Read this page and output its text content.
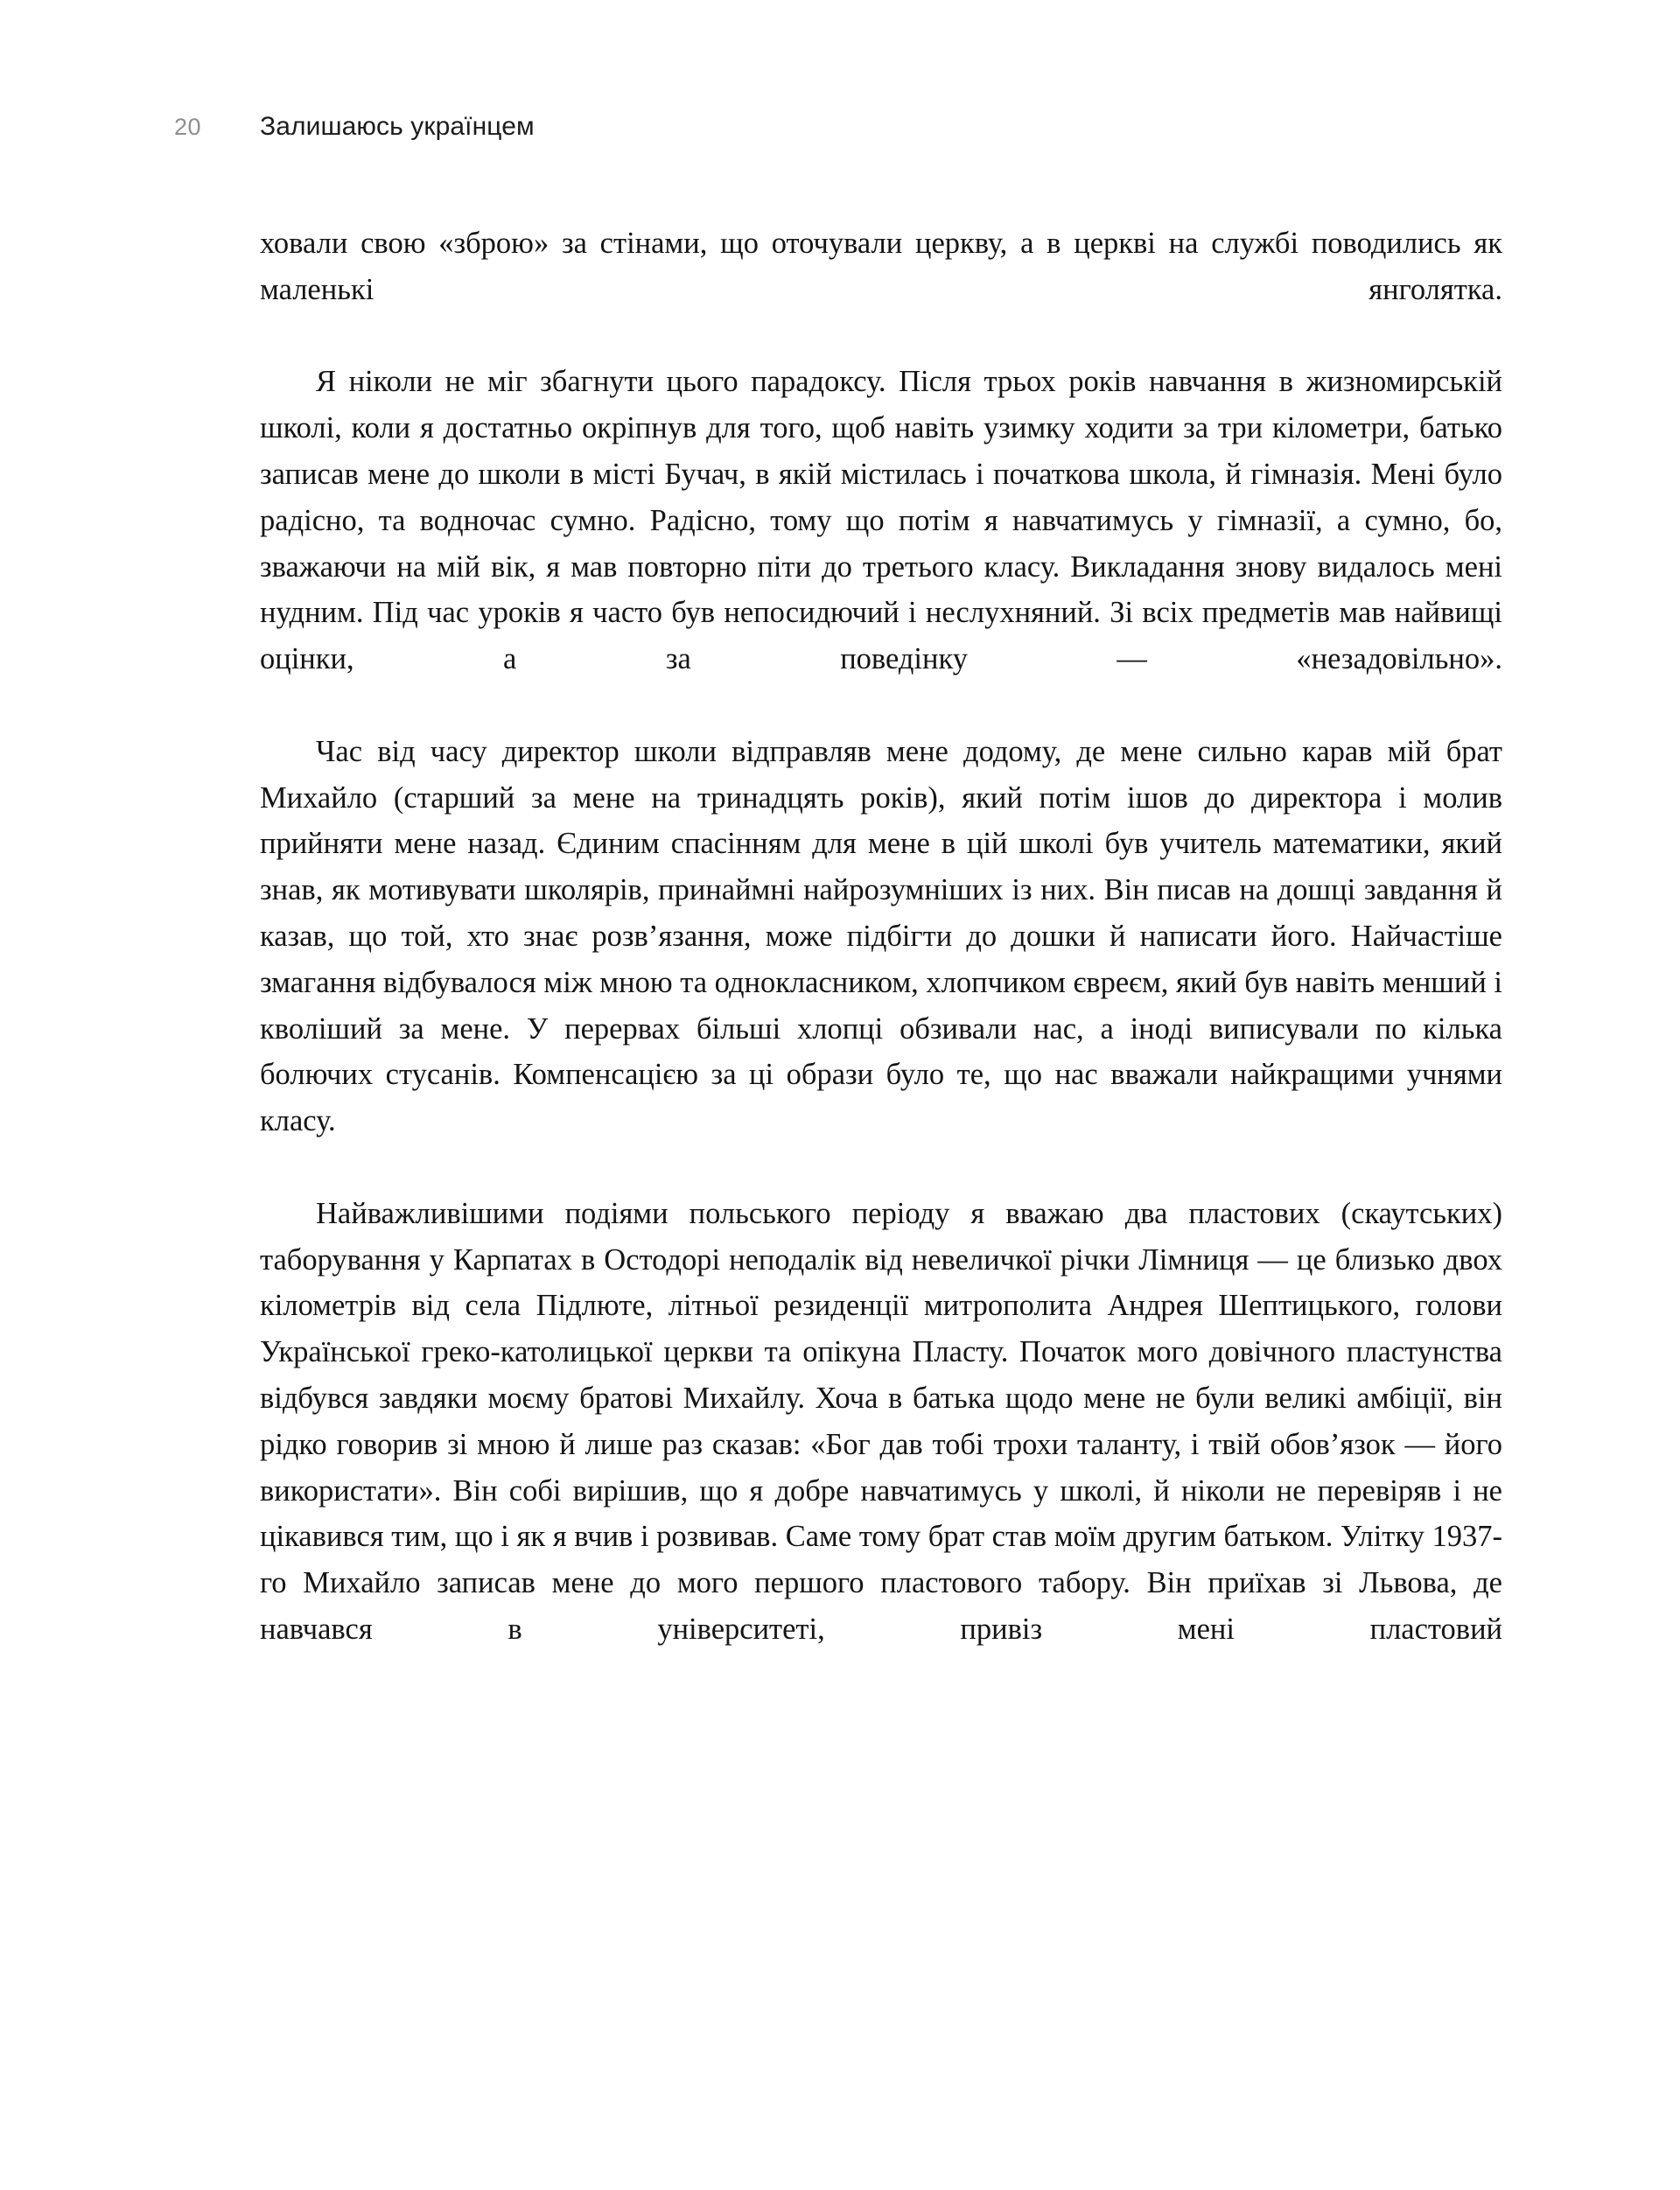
20 Залишаюсь українцем

ховали свою «зброю» за стінами, що оточували церкву, а в церкві на службі поводились як маленькі янголятка.

Я ніколи не міг збагнути цього парадоксу. Після трьох років навчання в жизномирській школі, коли я достатньо окріпнув для того, щоб навіть узимку ходити за три кілометри, батько записав мене до школи в місті Бучач, в якій містилась і початкова школа, й гімназія. Мені було радісно, та водночас сумно. Радісно, тому що потім я навчатимусь у гімназії, а сумно, бо, зважаючи на мій вік, я мав повторно піти до третього класу. Викладання знову видалось мені нудним. Під час уроків я часто був непосидючий і неслухняний. Зі всіх предметів мав найвищі оцінки, а за поведінку — «незадовільно».

Час від часу директор школи відправляв мене додому, де мене сильно карав мій брат Михайло (старший за мене на тринадцять років), який потім ішов до директора і молив прийняти мене назад. Єдиним спасінням для мене в цій школі був учитель математики, який знав, як мотивувати школярів, принаймні найрозумніших із них. Він писав на дошці завдання й казав, що той, хто знає розв’язання, може підбігти до дошки й написати його. Найчастіше змагання відбувалося між мною та однокласником, хлопчиком євреєм, який був навіть менший і кволіший за мене. У перервах більші хлопці обзивали нас, а іноді виписували по кілька болючих стусанів. Компенсацією за ці образи було те, що нас вважали найкращими учнями класу.

Найважливішими подіями польського періоду я вважаю два пластових (скаутських) таборування у Карпатах в Остодорі неподалік від невеличкої річки Лімниця — це близько двох кілометрів від села Підлюте, літньої резиденції митрополита Андрея Шептицького, голови Української греко-католицької церкви та опікуна Пласту. Початок мого довічного пластунства відбувся завдяки моєму братові Михайлу. Хоча в батька щодо мене не були великі амбіції, він рідко говорив зі мною й лише раз сказав: «Бог дав тобі трохи таланту, і твій обов’язок — його використати». Він собі вирішив, що я добре навчатимусь у школі, й ніколи не перевіряв і не цікавився тим, що і як я вчив і розвивав. Саме тому брат став моїм другим батьком. Улітку 1937-го Михайло записав мене до мого першого пластового табору. Він приїхав зі Львова, де навчався в університеті, привіз мені пластовий
